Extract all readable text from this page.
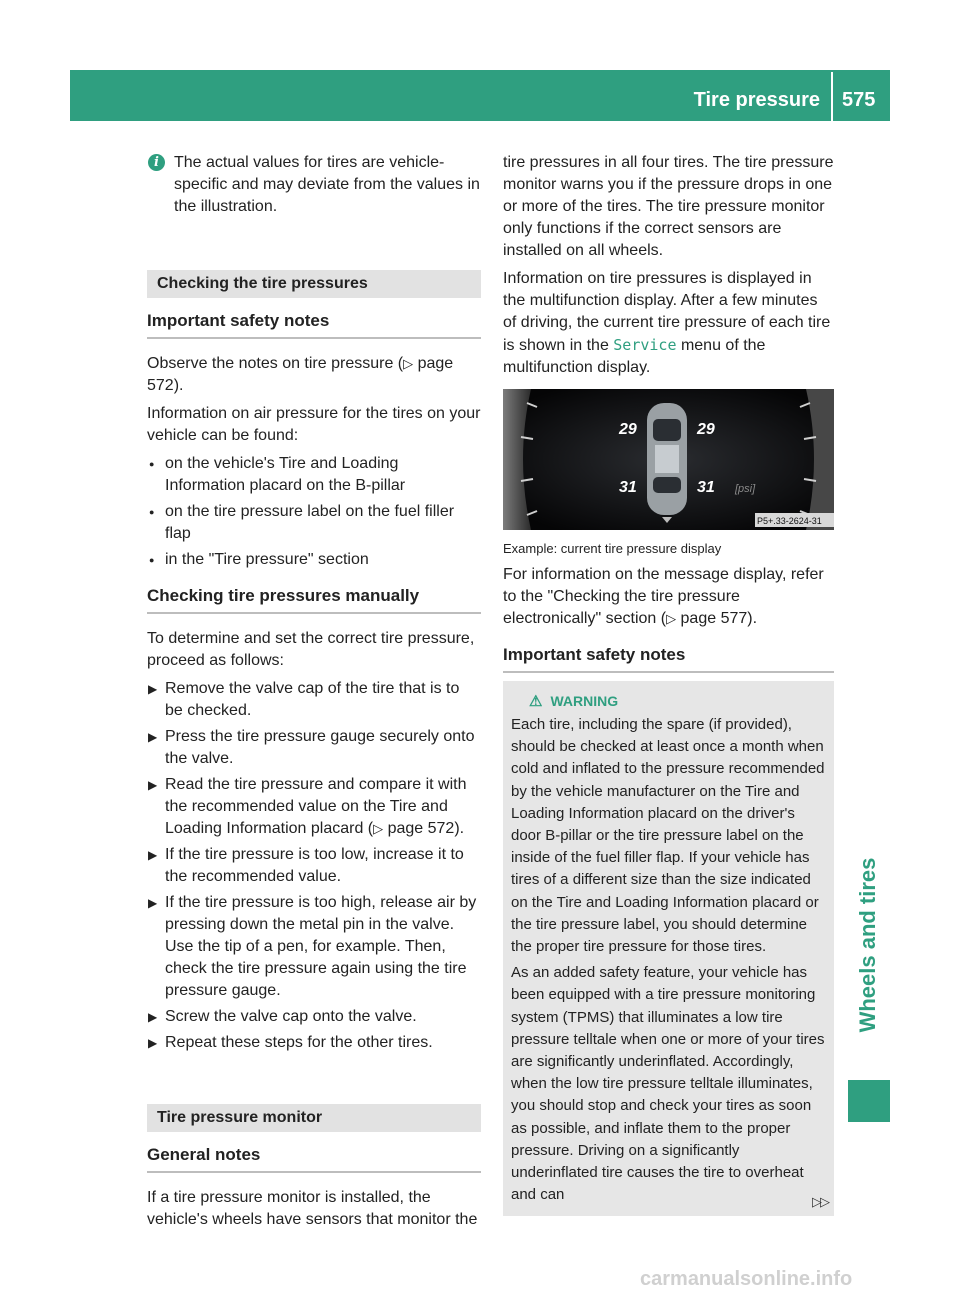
Tire pressure 575
Wheels and tires

i The actual values for tires are vehicle-specific and may deviate from the values in the illustration.

Checking the tire pressures
Important safety notes

Observe the notes on tire pressure (▷ page 572).

Information on air pressure for the tires on your vehicle can be found:

● on the vehicle's Tire and Loading Information placard on the B-pillar
● on the tire pressure label on the fuel filler flap
● in the "Tire pressure" section
Checking tire pressures manually

To determine and set the correct tire pressure, proceed as follows:

▶ Remove the valve cap of the tire that is to be checked.
▶ Press the tire pressure gauge securely onto the valve.
▶ Read the tire pressure and compare it with the recommended value on the Tire and Loading Information placard (▷ page 572).
▶ If the tire pressure is too low, increase it to the recommended value.
▶ If the tire pressure is too high, release air by pressing down the metal pin in the valve. Use the tip of a pen, for example. Then, check the tire pressure again using the tire pressure gauge.
▶ Screw the valve cap onto the valve.
▶ Repeat these steps for the other tires.
Tire pressure monitor
General notes

If a tire pressure monitor is installed, the vehicle's wheels have sensors that monitor the

tire pressures in all four tires. The tire pressure monitor warns you if the pressure drops in one or more of the tires. The tire pressure monitor only functions if the correct sensors are installed on all wheels.

Information on tire pressures is displayed in the multifunction display. After a few minutes of driving, the current tire pressure of each tire is shown in the Service menu of the multifunction display.

29	29
31	31 [psi]
P5+.33-2624-31

Example: current tire pressure display

For information on the message display, refer to the "Checking the tire pressure electronically" section (▷ page 577).

Important safety notes
⚠ WARNING

Each tire, including the spare (if provided), should be checked at least once a month when cold and inflated to the pressure recommended by the vehicle manufacturer on the Tire and Loading Information placard on the driver's door B-pillar or the tire pressure label on the inside of the fuel filler flap. If your vehicle has tires of a different size than the size indicated on the Tire and Loading Information placard or the tire pressure label, you should determine the proper tire pressure for those tires.

As an added safety feature, your vehicle has been equipped with a tire pressure monitoring system (TPMS) that illuminates a low tire pressure telltale when one or more of your tires are significantly underinflated. Accordingly, when the low tire pressure telltale illuminates, you should stop and check your tires as soon as possible, and inflate them to the proper pressure. Driving on a significantly underinflated tire causes the tire to overheat and can	▷▷
carmanualsonline.info
